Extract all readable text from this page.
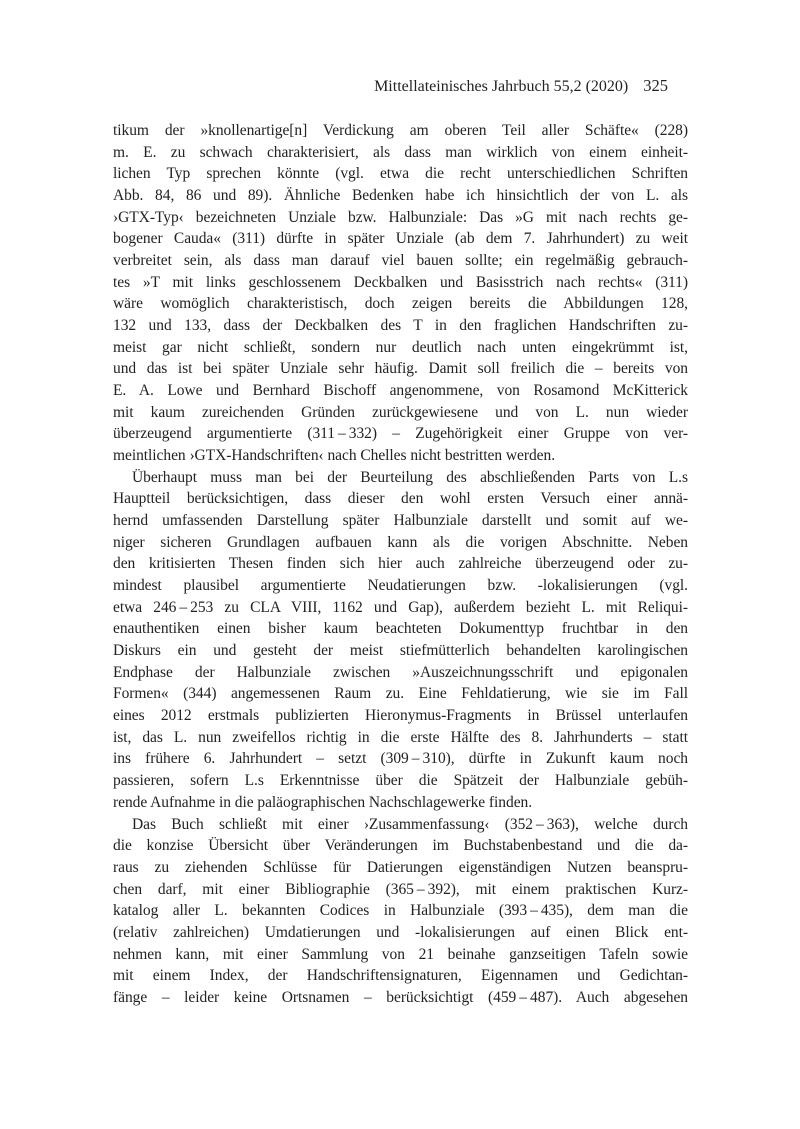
Mittellateinisches Jahrbuch 55,2 (2020) 325
tikum der »knollenartige[n] Verdickung am oberen Teil aller Schäfte« (228)
m. E. zu schwach charakterisiert, als dass man wirklich von einem einheit-
lichen Typ sprechen könnte (vgl. etwa die recht unterschiedlichen Schriften
Abb. 84, 86 und 89). Ähnliche Bedenken habe ich hinsichtlich der von L. als
›GTX-Typ‹ bezeichneten Unziale bzw. Halbunziale: Das »G mit nach rechts ge-
bogener Cauda« (311) dürfte in später Unziale (ab dem 7. Jahrhundert) zu weit
verbreitet sein, als dass man darauf viel bauen sollte; ein regelmäßig gebrauch-
tes »T mit links geschlossenem Deckbalken und Basisstrich nach rechts« (311)
wäre womöglich charakteristisch, doch zeigen bereits die Abbildungen 128,
132 und 133, dass der Deckbalken des T in den fraglichen Handschriften zu-
meist gar nicht schließt, sondern nur deutlich nach unten eingekrümmt ist,
und das ist bei später Unziale sehr häufig. Damit soll freilich die – bereits von
E. A. Lowe und Bernhard Bischoff angenommene, von Rosamond McKitterick
mit kaum zureichenden Gründen zurückgewiesene und von L. nun wieder
überzeugend argumentierte (311 – 332) – Zugehörigkeit einer Gruppe von ver-
meintlichen ›GTX-Handschriften‹ nach Chelles nicht bestritten werden.
Überhaupt muss man bei der Beurteilung des abschließenden Parts von L.s
Hauptteil berücksichtigen, dass dieser den wohl ersten Versuch einer annä-
hernd umfassenden Darstellung später Halbunziale darstellt und somit auf we-
niger sicheren Grundlagen aufbauen kann als die vorigen Abschnitte. Neben
den kritisierten Thesen finden sich hier auch zahlreiche überzeugend oder zu-
mindest plausibel argumentierte Neudatierungen bzw. -lokalisierungen (vgl.
etwa 246 – 253 zu CLA VIII, 1162 und Gap), außerdem bezieht L. mit Reliqui-
enauthentiken einen bisher kaum beachteten Dokumenttyp fruchtbar in den
Diskurs ein und gesteht der meist stiefmütterlich behandelten karolingischen
Endphase der Halbunziale zwischen »Auszeichnungsschrift und epigonalen
Formen« (344) angemessenen Raum zu. Eine Fehldatierung, wie sie im Fall
eines 2012 erstmals publizierten Hieronymus-Fragments in Brüssel unterlaufen
ist, das L. nun zweifellos richtig in die erste Hälfte des 8. Jahrhunderts – statt
ins frühere 6. Jahrhundert – setzt (309 – 310), dürfte in Zukunft kaum noch
passieren, sofern L.s Erkenntnisse über die Spätzeit der Halbunziale gebüh-
rende Aufnahme in die paläographischen Nachschlagewerke finden.
Das Buch schließt mit einer ›Zusammenfassung‹ (352 – 363), welche durch
die konzise Übersicht über Veränderungen im Buchstabenbestand und die da-
raus zu ziehenden Schlüsse für Datierungen eigenständigen Nutzen beanspru-
chen darf, mit einer Bibliographie (365 – 392), mit einem praktischen Kurz-
katalog aller L. bekannten Codices in Halbunziale (393 – 435), dem man die
(relativ zahlreichen) Umdatierungen und -lokalisierungen auf einen Blick ent-
nehmen kann, mit einer Sammlung von 21 beinahe ganzseitigen Tafeln sowie
mit einem Index, der Handschriftensignaturen, Eigennamen und Gedichtan-
fänge – leider keine Ortsnamen – berücksichtigt (459 – 487). Auch abgesehen
